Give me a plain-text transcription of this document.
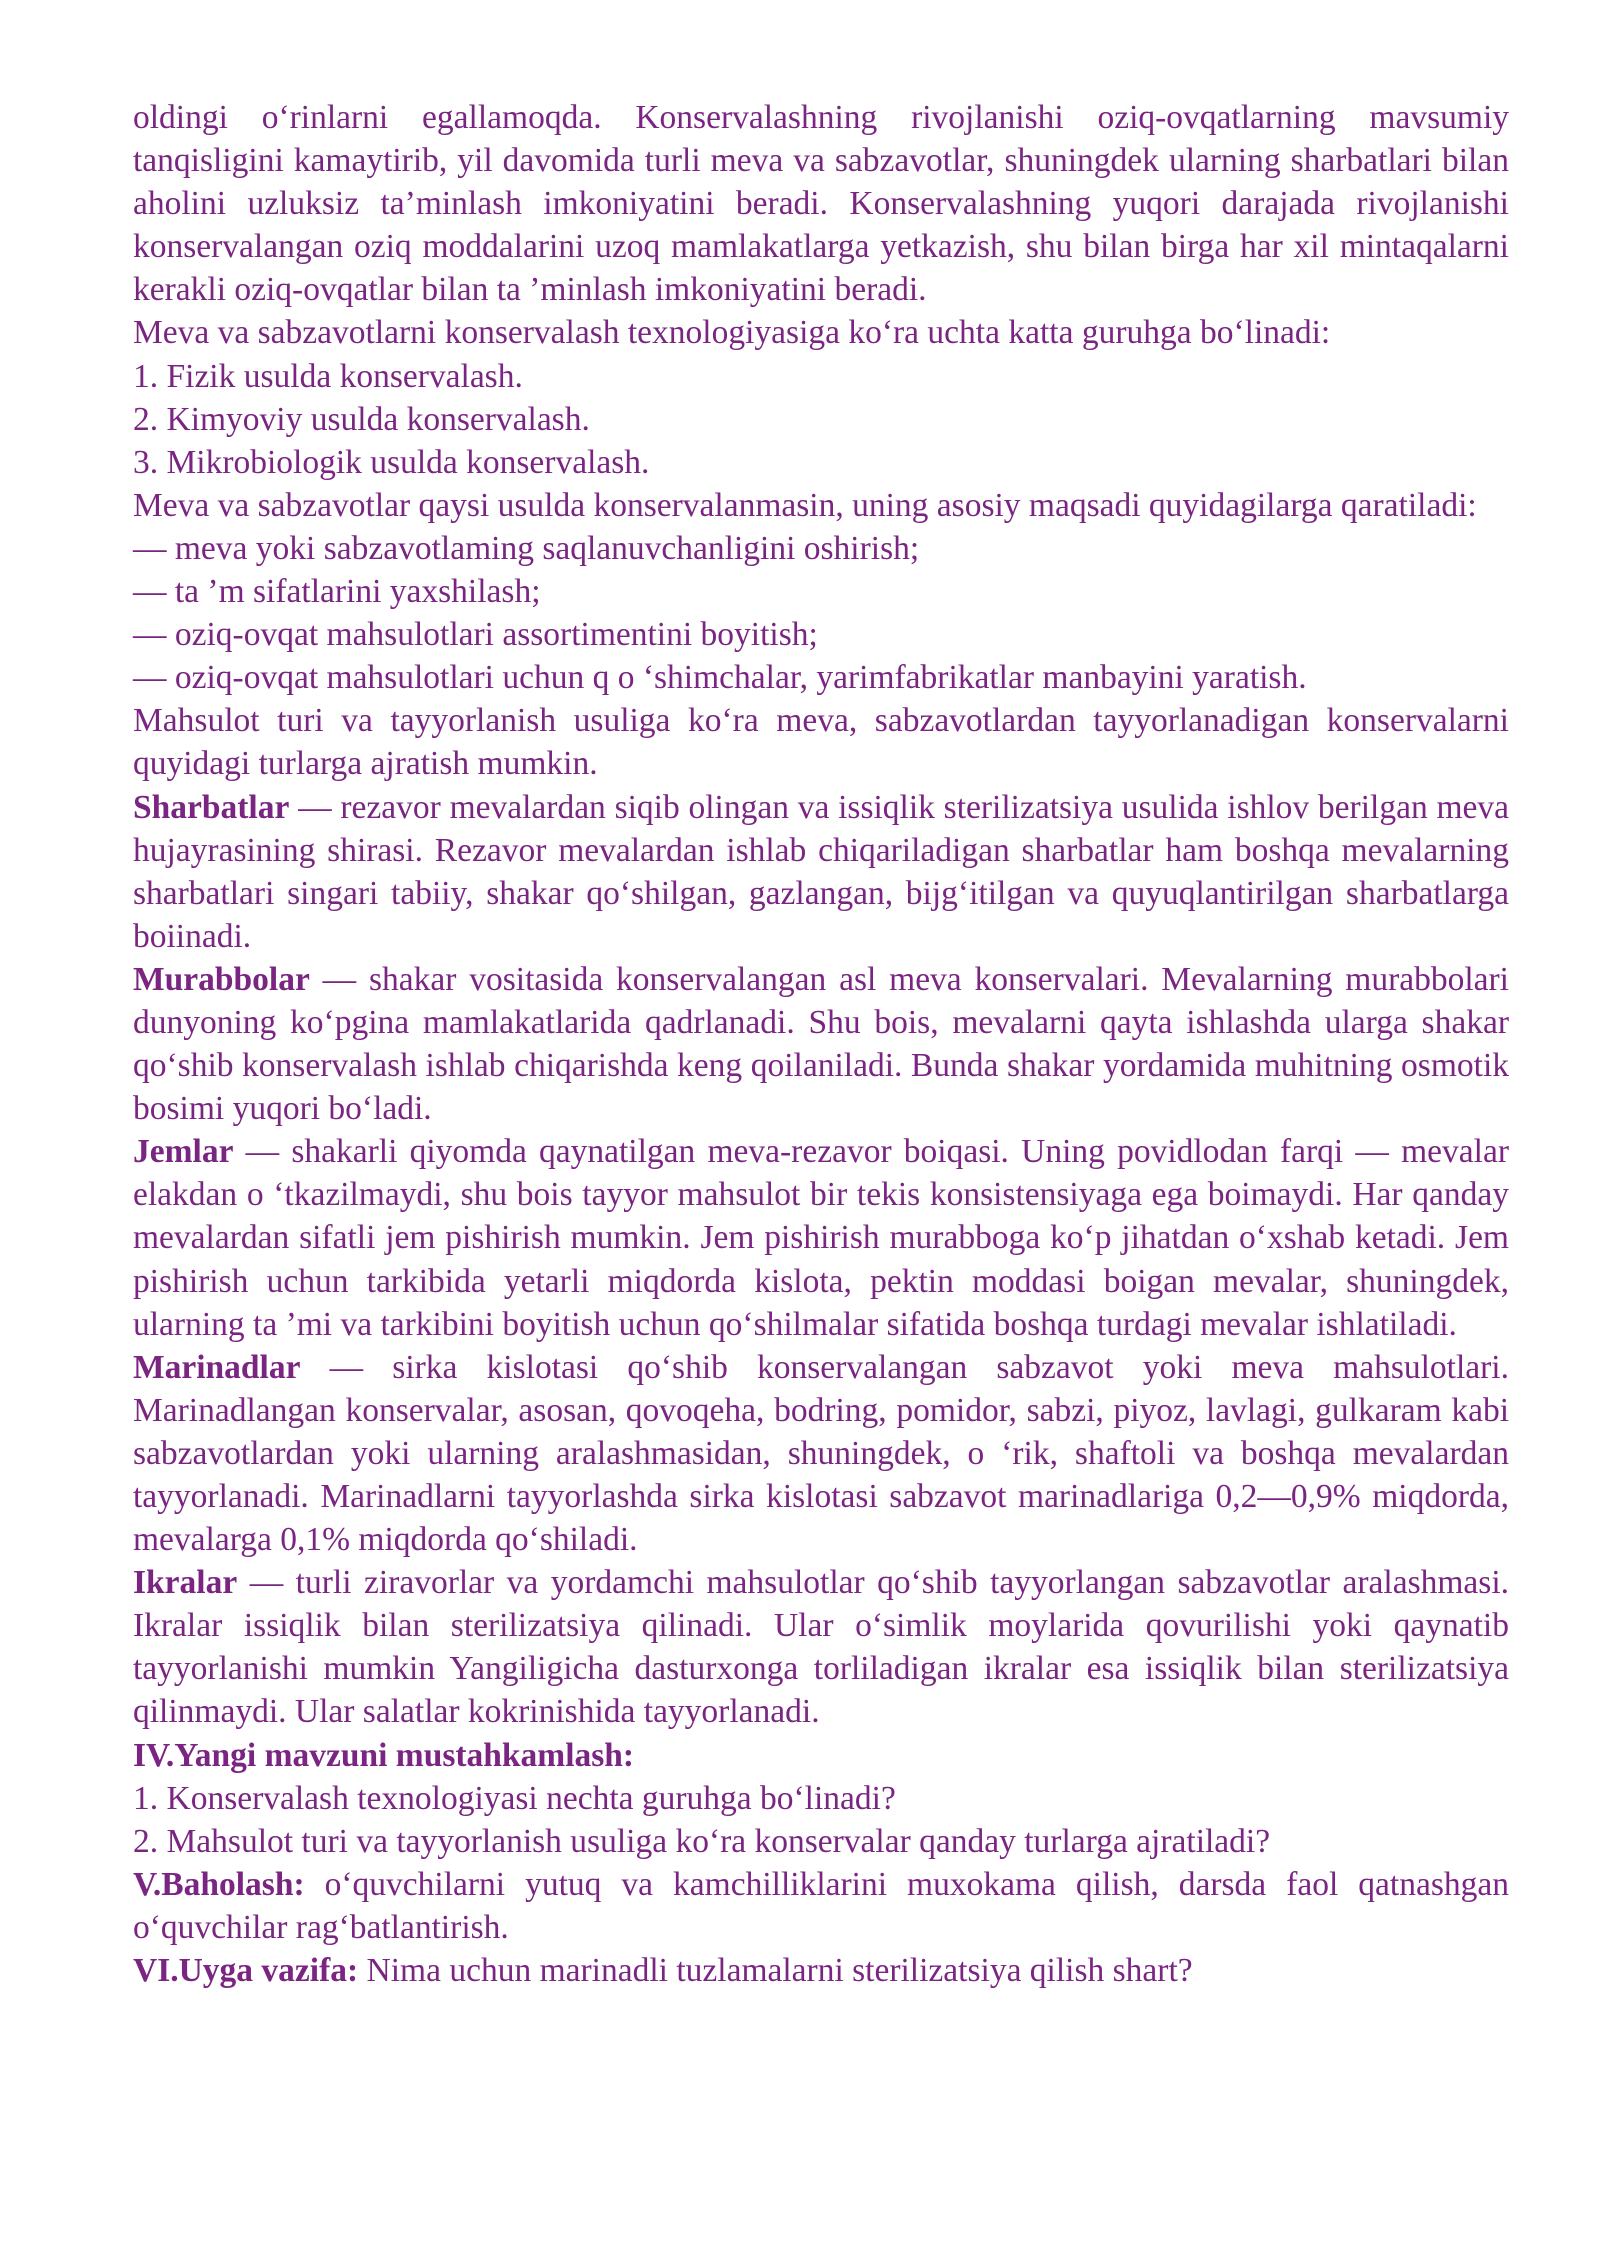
oldingi o‘rinlarni egallamoqda. Konservalashning rivojlanishi oziq-ovqatlarning mavsumiy tanqisligini kamaytirib, yil davomida turli meva va sabzavotlar, shuningdek ularning sharbatlari bilan aholini uzluksiz ta’minlash imkoniyatini beradi. Konservalashning yuqori darajada rivojlanishi konservalangan oziq moddalarini uzoq mamlakatlarga yetkazish, shu bilan birga har xil mintaqalarni kerakli oziq-ovqatlar bilan ta ’minlash imkoniyatini beradi.

Meva va sabzavotlarni konservalash texnologiyasiga ko‘ra uchta katta guruhga bo‘linadi:

1. Fizik usulda konservalash.

2. Kimyoviy usulda konservalash.

3. Mikrobiologik usulda konservalash.

Meva va sabzavotlar qaysi usulda konservalanmasin, uning asosiy maqsadi quyidagilarga qaratiladi:

— meva yoki sabzavotlaming saqlanuvchanligini oshirish;

— ta ’m sifatlarini yaxshilash;

— oziq-ovqat mahsulotlari assortimentini boyitish;

— oziq-ovqat mahsulotlari uchun q o ‘shimchalar, yarimfabrikatlar manbayini yaratish.

Mahsulot turi va tayyorlanish usuliga ko‘ra meva, sabzavotlardan tayyorlanadigan konservalarni quyidagi turlarga ajratish mumkin.

Sharbatlar — rezavor mevalardan siqib olingan va issiqlik sterilizatsiya usulida ishlov berilgan meva hujayrasining shirasi. Rezavor mevalardan ishlab chiqariladigan sharbatlar ham boshqa mevalarning sharbatlari singari tabiiy, shakar qo‘shilgan, gazlangan, bijg‘itilgan va quyuqlantirilgan sharbatlarga boiinadi.

Murabbolar — shakar vositasida konservalangan asl meva konservalari. Mevalarning murabbolari dunyoning ko‘pgina mamlakatlarida qadrlanadi. Shu bois, mevalarni qayta ishlashda ularga shakar qo‘shib konservalash ishlab chiqarishda keng qoilaniladi. Bunda shakar yordamida muhitning osmotik bosimi yuqori bo‘ladi.

Jemlar — shakarli qiyomda qaynatilgan meva-rezavor boiqasi. Uning povidlodan farqi — mevalar elakdan o ‘tkazilmaydi, shu bois tayyor mahsulot bir tekis konsistensiyaga ega boimaydi. Har qanday mevalardan sifatli jem pishirish mumkin. Jem pishirish murabboga ko‘p jihatdan o‘xshab ketadi. Jem pishirish uchun tarkibida yetarli miqdorda kislota, pektin moddasi boigan mevalar, shuningdek, ularning ta ’mi va tarkibini boyitish uchun qo‘shilmalar sifatida boshqa turdagi mevalar ishlatiladi.

Marinadlar — sirka kislotasi qo‘shib konservalangan sabzavot yoki meva mahsulotlari. Marinadlangan konservalar, asosan, qovoqeha, bodring, pomidor, sabzi, piyoz, lavlagi, gulkaram kabi sabzavotlardan yoki ularning aralashmasidan, shuningdek, o ‘rik, shaftoli va boshqa mevalardan tayyorlanadi. Marinadlarni tayyorlashda sirka kislotasi sabzavot marinadlariga 0,2—0,9% miqdorda, mevalarga 0,1% miqdorda qo‘shiladi.

Ikralar — turli ziravorlar va yordamchi mahsulotlar qo‘shib tayyorlangan sabzavotlar aralashmasi. Ikralar issiqlik bilan sterilizatsiya qilinadi. Ular o‘simlik moylarida qovurilishi yoki qaynatib tayyorlanishi mumkin Yangiligicha dasturxonga torliladigan ikralar esa issiqlik bilan sterilizatsiya qilinmaydi. Ular salatlar kokrinishida tayyorlanadi.

IV.Yangi mavzuni mustahkamlash:

1. Konservalash texnologiyasi nechta guruhga bo‘linadi?

2. Mahsulot turi va tayyorlanish usuliga ko‘ra konservalar qanday turlarga ajratiladi?

V.Baholash: o‘quvchilarni yutuq va kamchilliklarini muxokama qilish, darsda faol qatnashgan o‘quvchilar rag‘batlantirish.

VI.Uyga vazifa: Nima uchun marinadli tuzlamalarni sterilizatsiya qilish shart?
